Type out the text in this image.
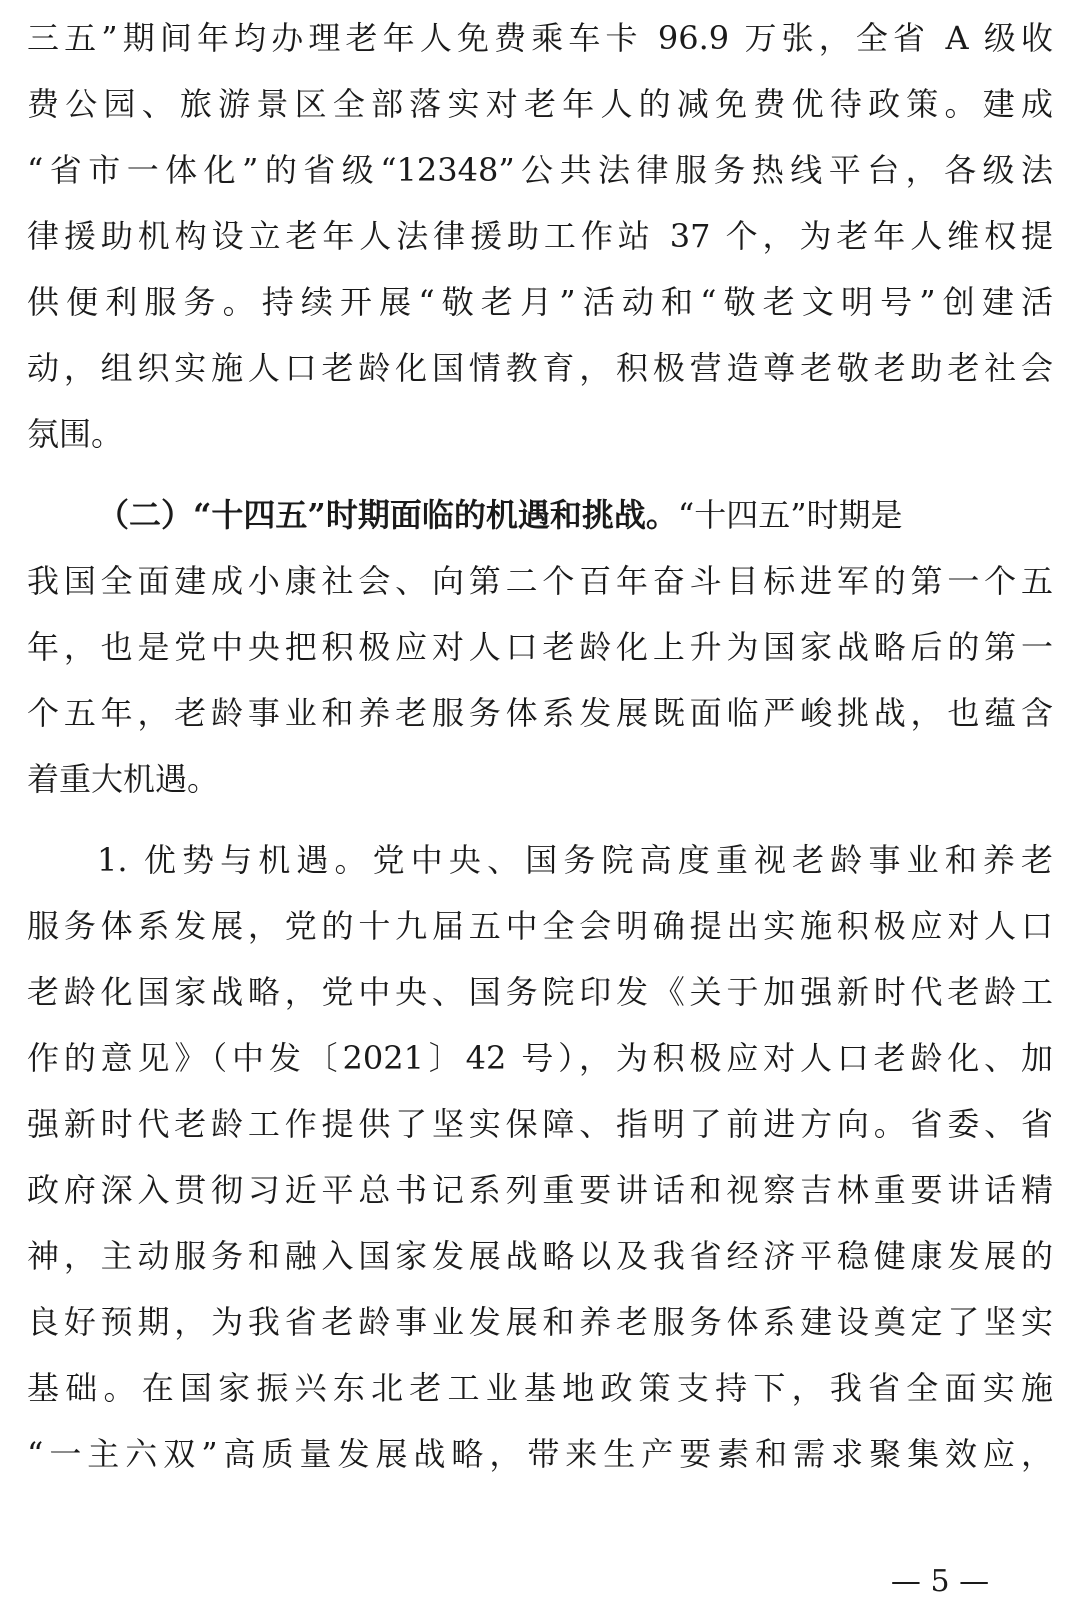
三五”期间年均办理老年人免费乘车卡 96.9 万张，全省 A 级收
费公园、旅游景区全部落实对老年人的减免费优待政策。建成
“省市一体化”的省级“12348”公共法律服务热线平台，各级法
律援助机构设立老年人法律援助工作站 37 个，为老年人维权提
供便利服务。持续开展“敬老月”活动和“敬老文明号”创建活
动，组织实施人口老龄化国情教育，积极营造尊老敬老助老社会
氛围。
（二）“十四五”时期面临的机遇和挑战。“十四五”时期是
我国全面建成小康社会、向第二个百年奋斗目标进军的第一个五
年，也是党中央把积极应对人口老龄化上升为国家战略后的第一
个五年，老龄事业和养老服务体系发展既面临严峻挑战，也蕴含
着重大机遇。
1. 优势与机遇。党中央、国务院高度重视老龄事业和养老
服务体系发展，党的十九届五中全会明确提出实施积极应对人口
老龄化国家战略，党中央、国务院印发《关于加强新时代老龄工
作的意见》（中发〔2021〕42 号），为积极应对人口老龄化、加
强新时代老龄工作提供了坚实保障、指明了前进方向。省委、省
政府深入贯彻习近平总书记系列重要讲话和视察吉林重要讲话精
神，主动服务和融入国家发展战略以及我省经济平稳健康发展的
良好预期，为我省老龄事业发展和养老服务体系建设奠定了坚实
基础。在国家振兴东北老工业基地政策支持下，我省全面实施
“一主六双”高质量发展战略，带来生产要素和需求聚集效应，
— 5 —
